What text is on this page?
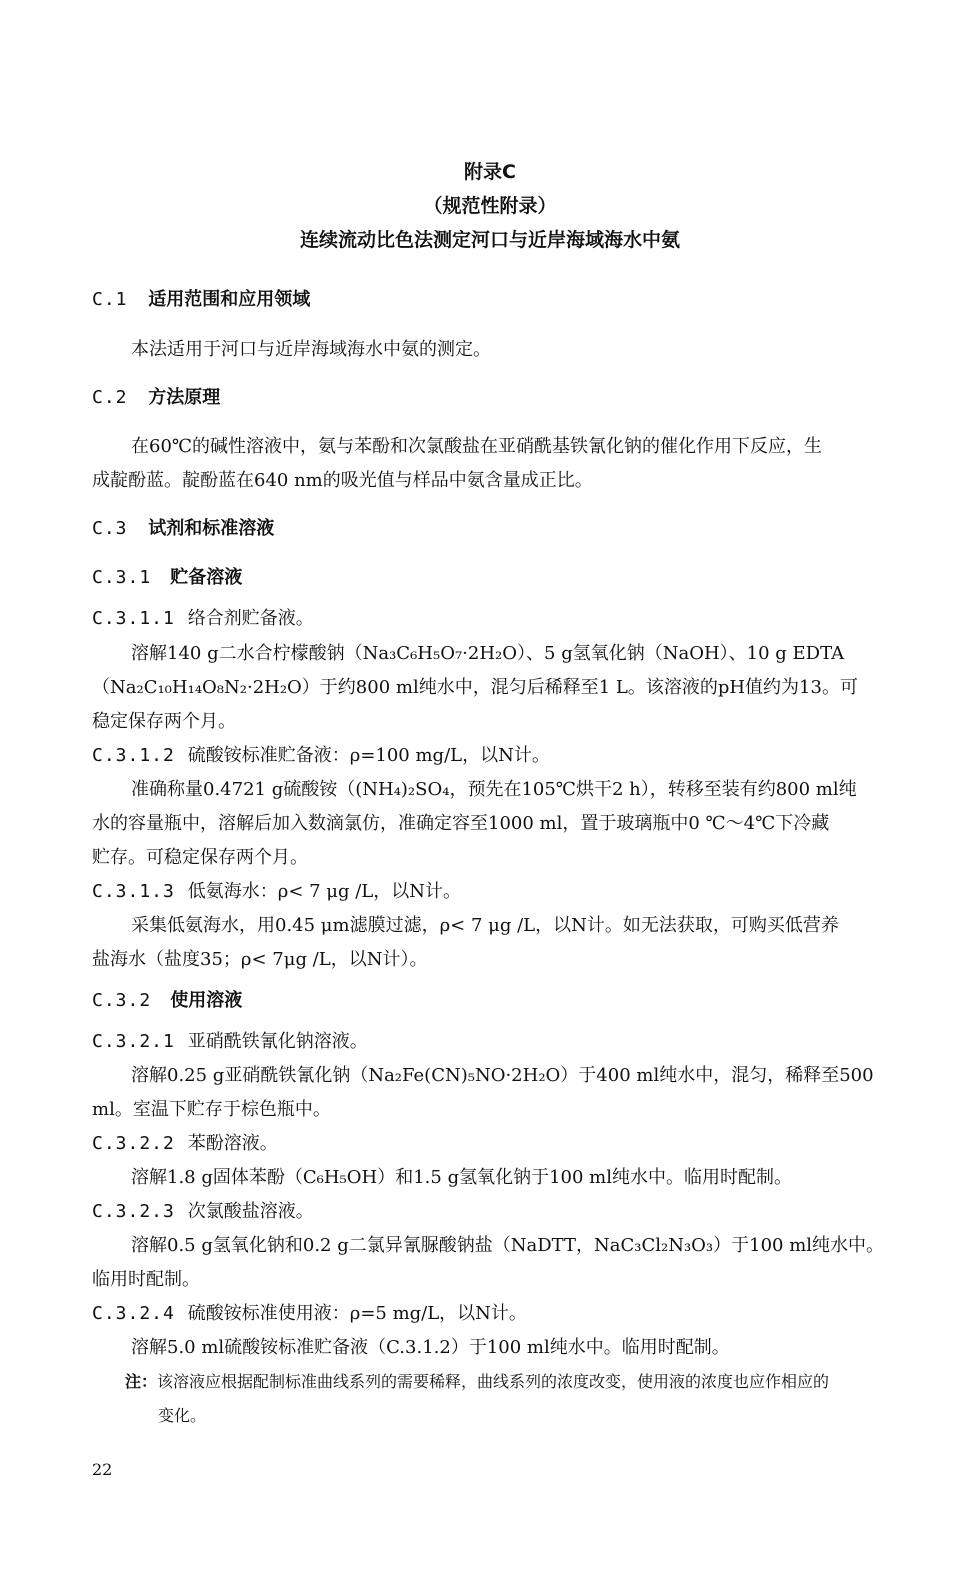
附录C
（规范性附录）
连续流动比色法测定河口与近岸海域海水中氨
C.1 适用范围和应用领域
本法适用于河口与近岸海域海水中氨的测定。
C.2 方法原理
在60℃的碱性溶液中，氨与苯酚和次氯酸盐在亚硝酰基铁氰化钠的催化作用下反应，生
成靛酚蓝。靛酚蓝在640 nm的吸光值与样品中氨含量成正比。
C.3 试剂和标准溶液
C.3.1 贮备溶液
C.3.1.1 络合剂贮备液。
溶解140 g二水合柠檬酸钠（Na₃C₆H₅O₇·2H₂O）、5 g氢氧化钠（NaOH）、10 g EDTA
（Na₂C₁₀H₁₄O₈N₂·2H₂O）于约800 ml纯水中，混匀后稀释至1 L。该溶液的pH值约为13。可
稳定保存两个月。
C.3.1.2 硫酸铵标准贮备液：ρ=100 mg/L，以N计。
准确称量0.4721 g硫酸铵（(NH₄)₂SO₄，预先在105℃烘干2 h），转移至装有约800 ml纯
水的容量瓶中，溶解后加入数滴氯仿，准确定容至1000 ml，置于玻璃瓶中0 ℃～4℃下冷藏
贮存。可稳定保存两个月。
C.3.1.3 低氨海水：ρ< 7 μg /L，以N计。
采集低氨海水，用0.45 μm滤膜过滤，ρ< 7 μg /L，以N计。如无法获取，可购买低营养
盐海水（盐度35；ρ< 7μg /L，以N计）。
C.3.2 使用溶液
C.3.2.1 亚硝酰铁氰化钠溶液。
溶解0.25 g亚硝酰铁氰化钠（Na₂Fe(CN)₅NO·2H₂O）于400 ml纯水中，混匀，稀释至500
ml。室温下贮存于棕色瓶中。
C.3.2.2 苯酚溶液。
溶解1.8 g固体苯酚（C₆H₅OH）和1.5 g氢氧化钠于100 ml纯水中。临用时配制。
C.3.2.3 次氯酸盐溶液。
溶解0.5 g氢氧化钠和0.2 g二氯异氰脲酸钠盐（NaDTT，NaC₃Cl₂N₃O₃）于100 ml纯水中。
临用时配制。
C.3.2.4 硫酸铵标准使用液：ρ=5 mg/L，以N计。
溶解5.0 ml硫酸铵标准贮备液（C.3.1.2）于100 ml纯水中。临用时配制。
注：该溶液应根据配制标准曲线系列的需要稀释，曲线系列的浓度改变，使用液的浓度也应作相应的
变化。
22
